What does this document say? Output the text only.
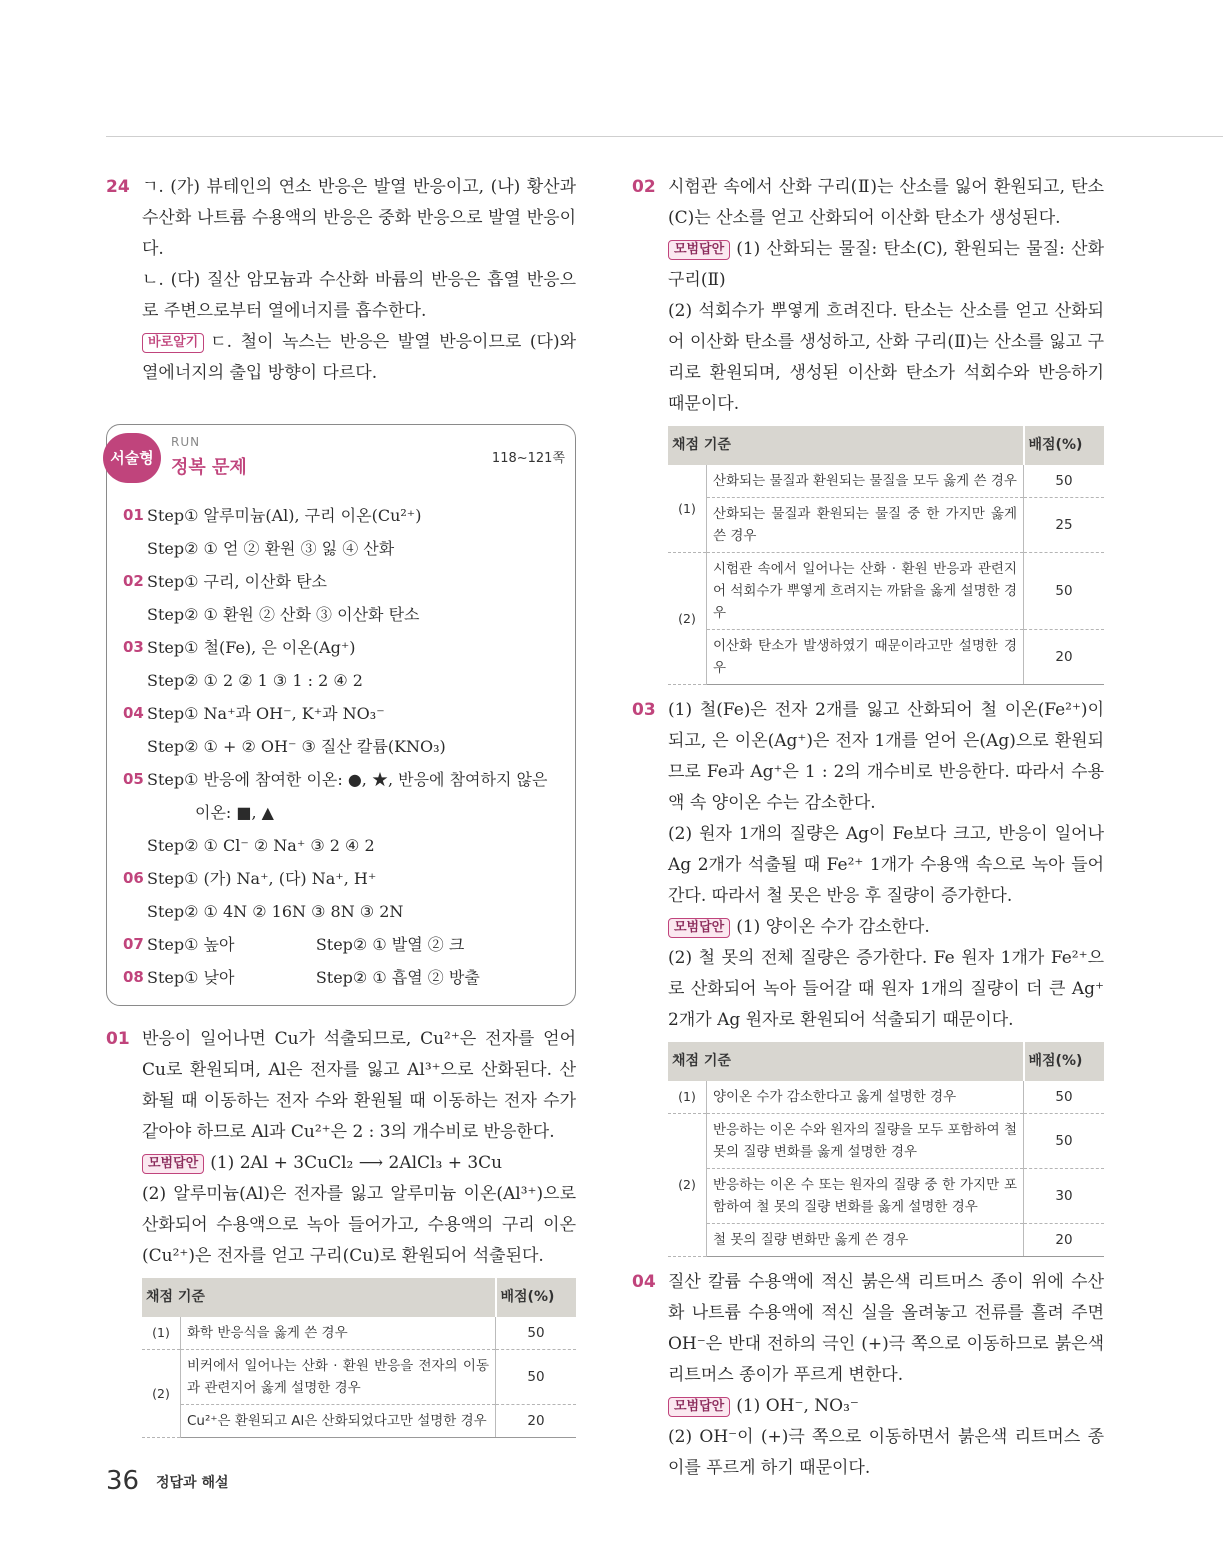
24 ㄱ. (가) 뷰테인의 연소 반응은 발열 반응이고, (나) 황산과 수산화 나트륨 수용액의 반응은 중화 반응으로 발열 반응이다.
ㄴ. (다) 질산 암모늄과 수산화 바륨의 반응은 흡열 반응으로 주변으로부터 열에너지를 흡수한다.
바로알기 ㄷ. 철이 녹스는 반응은 발열 반응이므로 (다)와 열에너지의 출입 방향이 다르다.
서술형
RUN
정복 문제	118~121쪽
01 Step① 알루미늄(Al), 구리 이온(Cu²⁺)
Step② ① 얻 ② 환원 ③ 잃 ④ 산화
02 Step① 구리, 이산화 탄소
Step② ① 환원 ② 산화 ③ 이산화 탄소
03 Step① 철(Fe), 은 이온(Ag⁺)
Step② ① 2 ② 1 ③ 1 : 2 ④ 2
04 Step① Na⁺과 OH⁻, K⁺과 NO₃⁻
Step② ① + ② OH⁻ ③ 질산 칼륨(KNO₃)
05 Step① 반응에 참여한 이온: ●, ★, 반응에 참여하지 않은
이온: ■, ▲
Step② ① Cl⁻ ② Na⁺ ③ 2 ④ 2
06 Step① (가) Na⁺, (다) Na⁺, H⁺
Step② ① 4N ② 16N ③ 8N ③ 2N
07 Step① 높아                Step② ① 발열 ② 크
08 Step① 낮아                Step② ① 흡열 ② 방출
01 반응이 일어나면 Cu가 석출되므로, Cu²⁺은 전자를 얻어 Cu로 환원되며, Al은 전자를 잃고 Al³⁺으로 산화된다. 산화될 때 이동하는 전자 수와 환원될 때 이동하는 전자 수가 같아야 하므로 Al과 Cu²⁺은 2 : 3의 개수비로 반응한다.
모범답안 (1) 2Al + 3CuCl₂ ⟶ 2AlCl₃ + 3Cu
(2) 알루미늄(Al)은 전자를 잃고 알루미늄 이온(Al³⁺)으로 산화되어 수용액으로 녹아 들어가고, 수용액의 구리 이온(Cu²⁺)은 전자를 얻고 구리(Cu)로 환원되어 석출된다.
채점 기준		배점(%)
(1)	화학 반응식을 옳게 쓴 경우	50
(2)	비커에서 일어나는 산화 · 환원 반응을 전자의 이동과 관련지어 옳게 설명한 경우	50
	Cu²⁺은 환원되고 Al은 산화되었다고만 설명한 경우	20
02 시험관 속에서 산화 구리(Ⅱ)는 산소를 잃어 환원되고, 탄소(C)는 산소를 얻고 산화되어 이산화 탄소가 생성된다.
모범답안 (1) 산화되는 물질: 탄소(C), 환원되는 물질: 산화 구리(Ⅱ)
(2) 석회수가 뿌옇게 흐려진다. 탄소는 산소를 얻고 산화되어 이산화 탄소를 생성하고, 산화 구리(Ⅱ)는 산소를 잃고 구리로 환원되며, 생성된 이산화 탄소가 석회수와 반응하기 때문이다.
채점 기준		배점(%)
(1)	산화되는 물질과 환원되는 물질을 모두 옳게 쓴 경우	50
	산화되는 물질과 환원되는 물질 중 한 가지만 옳게 쓴 경우	25
(2)	시험관 속에서 일어나는 산화 · 환원 반응과 관련지어 석회수가 뿌옇게 흐려지는 까닭을 옳게 설명한 경우	50
	이산화 탄소가 발생하였기 때문이라고만 설명한 경우	20
03 (1) 철(Fe)은 전자 2개를 잃고 산화되어 철 이온(Fe²⁺)이 되고, 은 이온(Ag⁺)은 전자 1개를 얻어 은(Ag)으로 환원되므로 Fe과 Ag⁺은 1 : 2의 개수비로 반응한다. 따라서 수용액 속 양이온 수는 감소한다.
(2) 원자 1개의 질량은 Ag이 Fe보다 크고, 반응이 일어나 Ag 2개가 석출될 때 Fe²⁺ 1개가 수용액 속으로 녹아 들어간다. 따라서 철 못은 반응 후 질량이 증가한다.
모범답안 (1) 양이온 수가 감소한다.
(2) 철 못의 전체 질량은 증가한다. Fe 원자 1개가 Fe²⁺으로 산화되어 녹아 들어갈 때 원자 1개의 질량이 더 큰 Ag⁺ 2개가 Ag 원자로 환원되어 석출되기 때문이다.
채점 기준		배점(%)
(1)	양이온 수가 감소한다고 옳게 설명한 경우	50
(2)	반응하는 이온 수와 원자의 질량을 모두 포함하여 철 못의 질량 변화를 옳게 설명한 경우	50
	반응하는 이온 수 또는 원자의 질량 중 한 가지만 포함하여 철 못의 질량 변화를 옳게 설명한 경우	30
	철 못의 질량 변화만 옳게 쓴 경우	20
04 질산 칼륨 수용액에 적신 붉은색 리트머스 종이 위에 수산화 나트륨 수용액에 적신 실을 올려놓고 전류를 흘려 주면 OH⁻은 반대 전하의 극인 (+)극 쪽으로 이동하므로 붉은색 리트머스 종이가 푸르게 변한다.
모범답안 (1) OH⁻, NO₃⁻
(2) OH⁻이 (+)극 쪽으로 이동하면서 붉은색 리트머스 종이를 푸르게 하기 때문이다.
36 정답과 해설
